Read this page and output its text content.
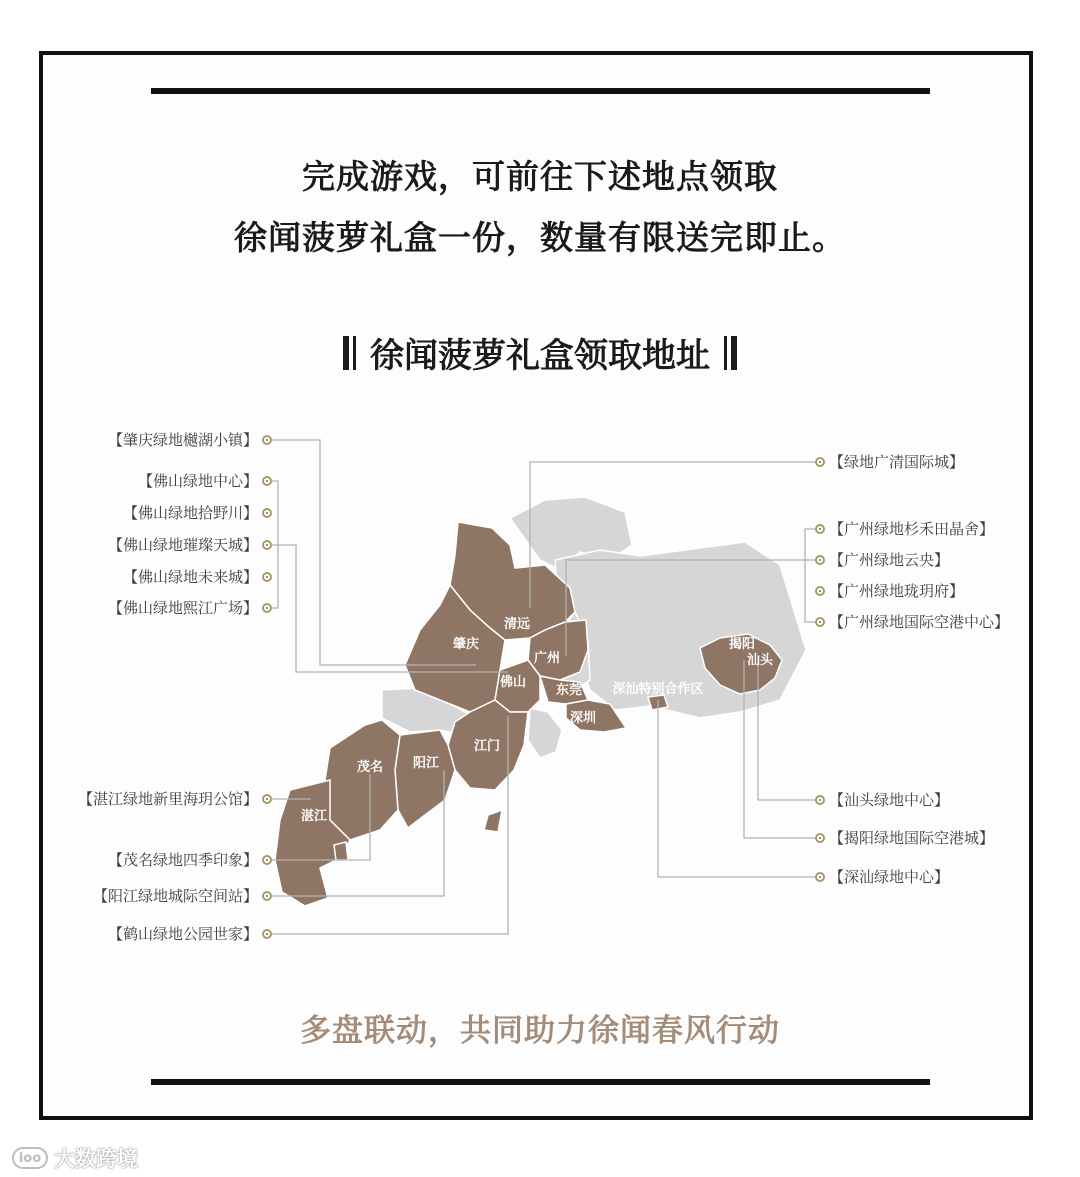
完成游戏，可前往下述地点领取
徐闻菠萝礼盒一份，数量有限送完即止。
徐闻菠萝礼盒领取地址
清远
肇庆
广州
佛山
东莞
深圳
深汕特别合作区
揭阳
汕头
江门
阳江
茂名
湛江
【肇庆绿地樾湖小镇】
【佛山绿地中心】
【佛山绿地拾野川】
【佛山绿地璀璨天城】
【佛山绿地未来城】
【佛山绿地熙江广场】
【湛江绿地新里海玥公馆】
【茂名绿地四季印象】
【阳江绿地城际空间站】
【鹤山绿地公园世家】
【绿地广清国际城】
【广州绿地杉禾田晶舍】
【广州绿地云央】
【广州绿地珑玥府】
【广州绿地国际空港中心】
【汕头绿地中心】
【揭阳绿地国际空港城】
【深汕绿地中心】
多盘联动，共同助力徐闻春风行动
ioo 大数跨境
